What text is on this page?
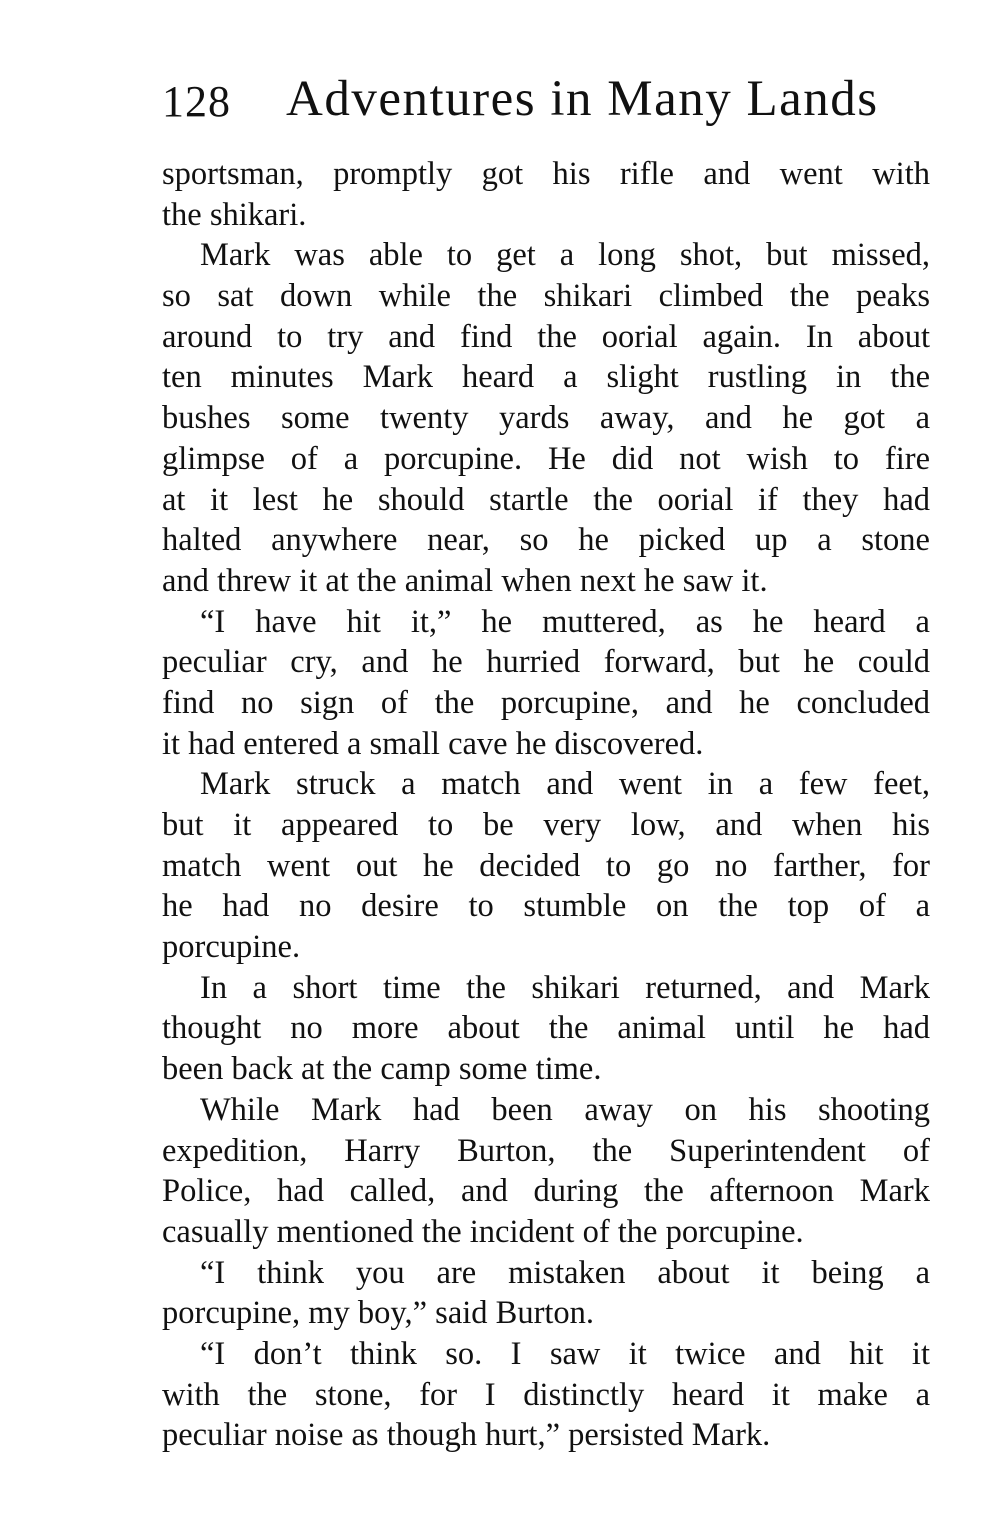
128 Adventures in Many Lands
sportsman, promptly got his rifle and went with
the shikari.
Mark was able to get a long shot, but missed,
so sat down while the shikari climbed the peaks
around to try and find the oorial again. In about
ten minutes Mark heard a slight rustling in the
bushes some twenty yards away, and he got a
glimpse of a porcupine. He did not wish to fire
at it lest he should startle the oorial if they had
halted anywhere near, so he picked up a stone
and threw it at the animal when next he saw it.
“I have hit it,” he muttered, as he heard a
peculiar cry, and he hurried forward, but he could
find no sign of the porcupine, and he concluded
it had entered a small cave he discovered.
Mark struck a match and went in a few feet,
but it appeared to be very low, and when his
match went out he decided to go no farther, for
he had no desire to stumble on the top of a
porcupine.
In a short time the shikari returned, and Mark
thought no more about the animal until he had
been back at the camp some time.
While Mark had been away on his shooting
expedition, Harry Burton, the Superintendent of
Police, had called, and during the afternoon Mark
casually mentioned the incident of the porcupine.
“I think you are mistaken about it being a
porcupine, my boy,” said Burton.
“I don’t think so. I saw it twice and hit it
with the stone, for I distinctly heard it make a
peculiar noise as though hurt,” persisted Mark.
